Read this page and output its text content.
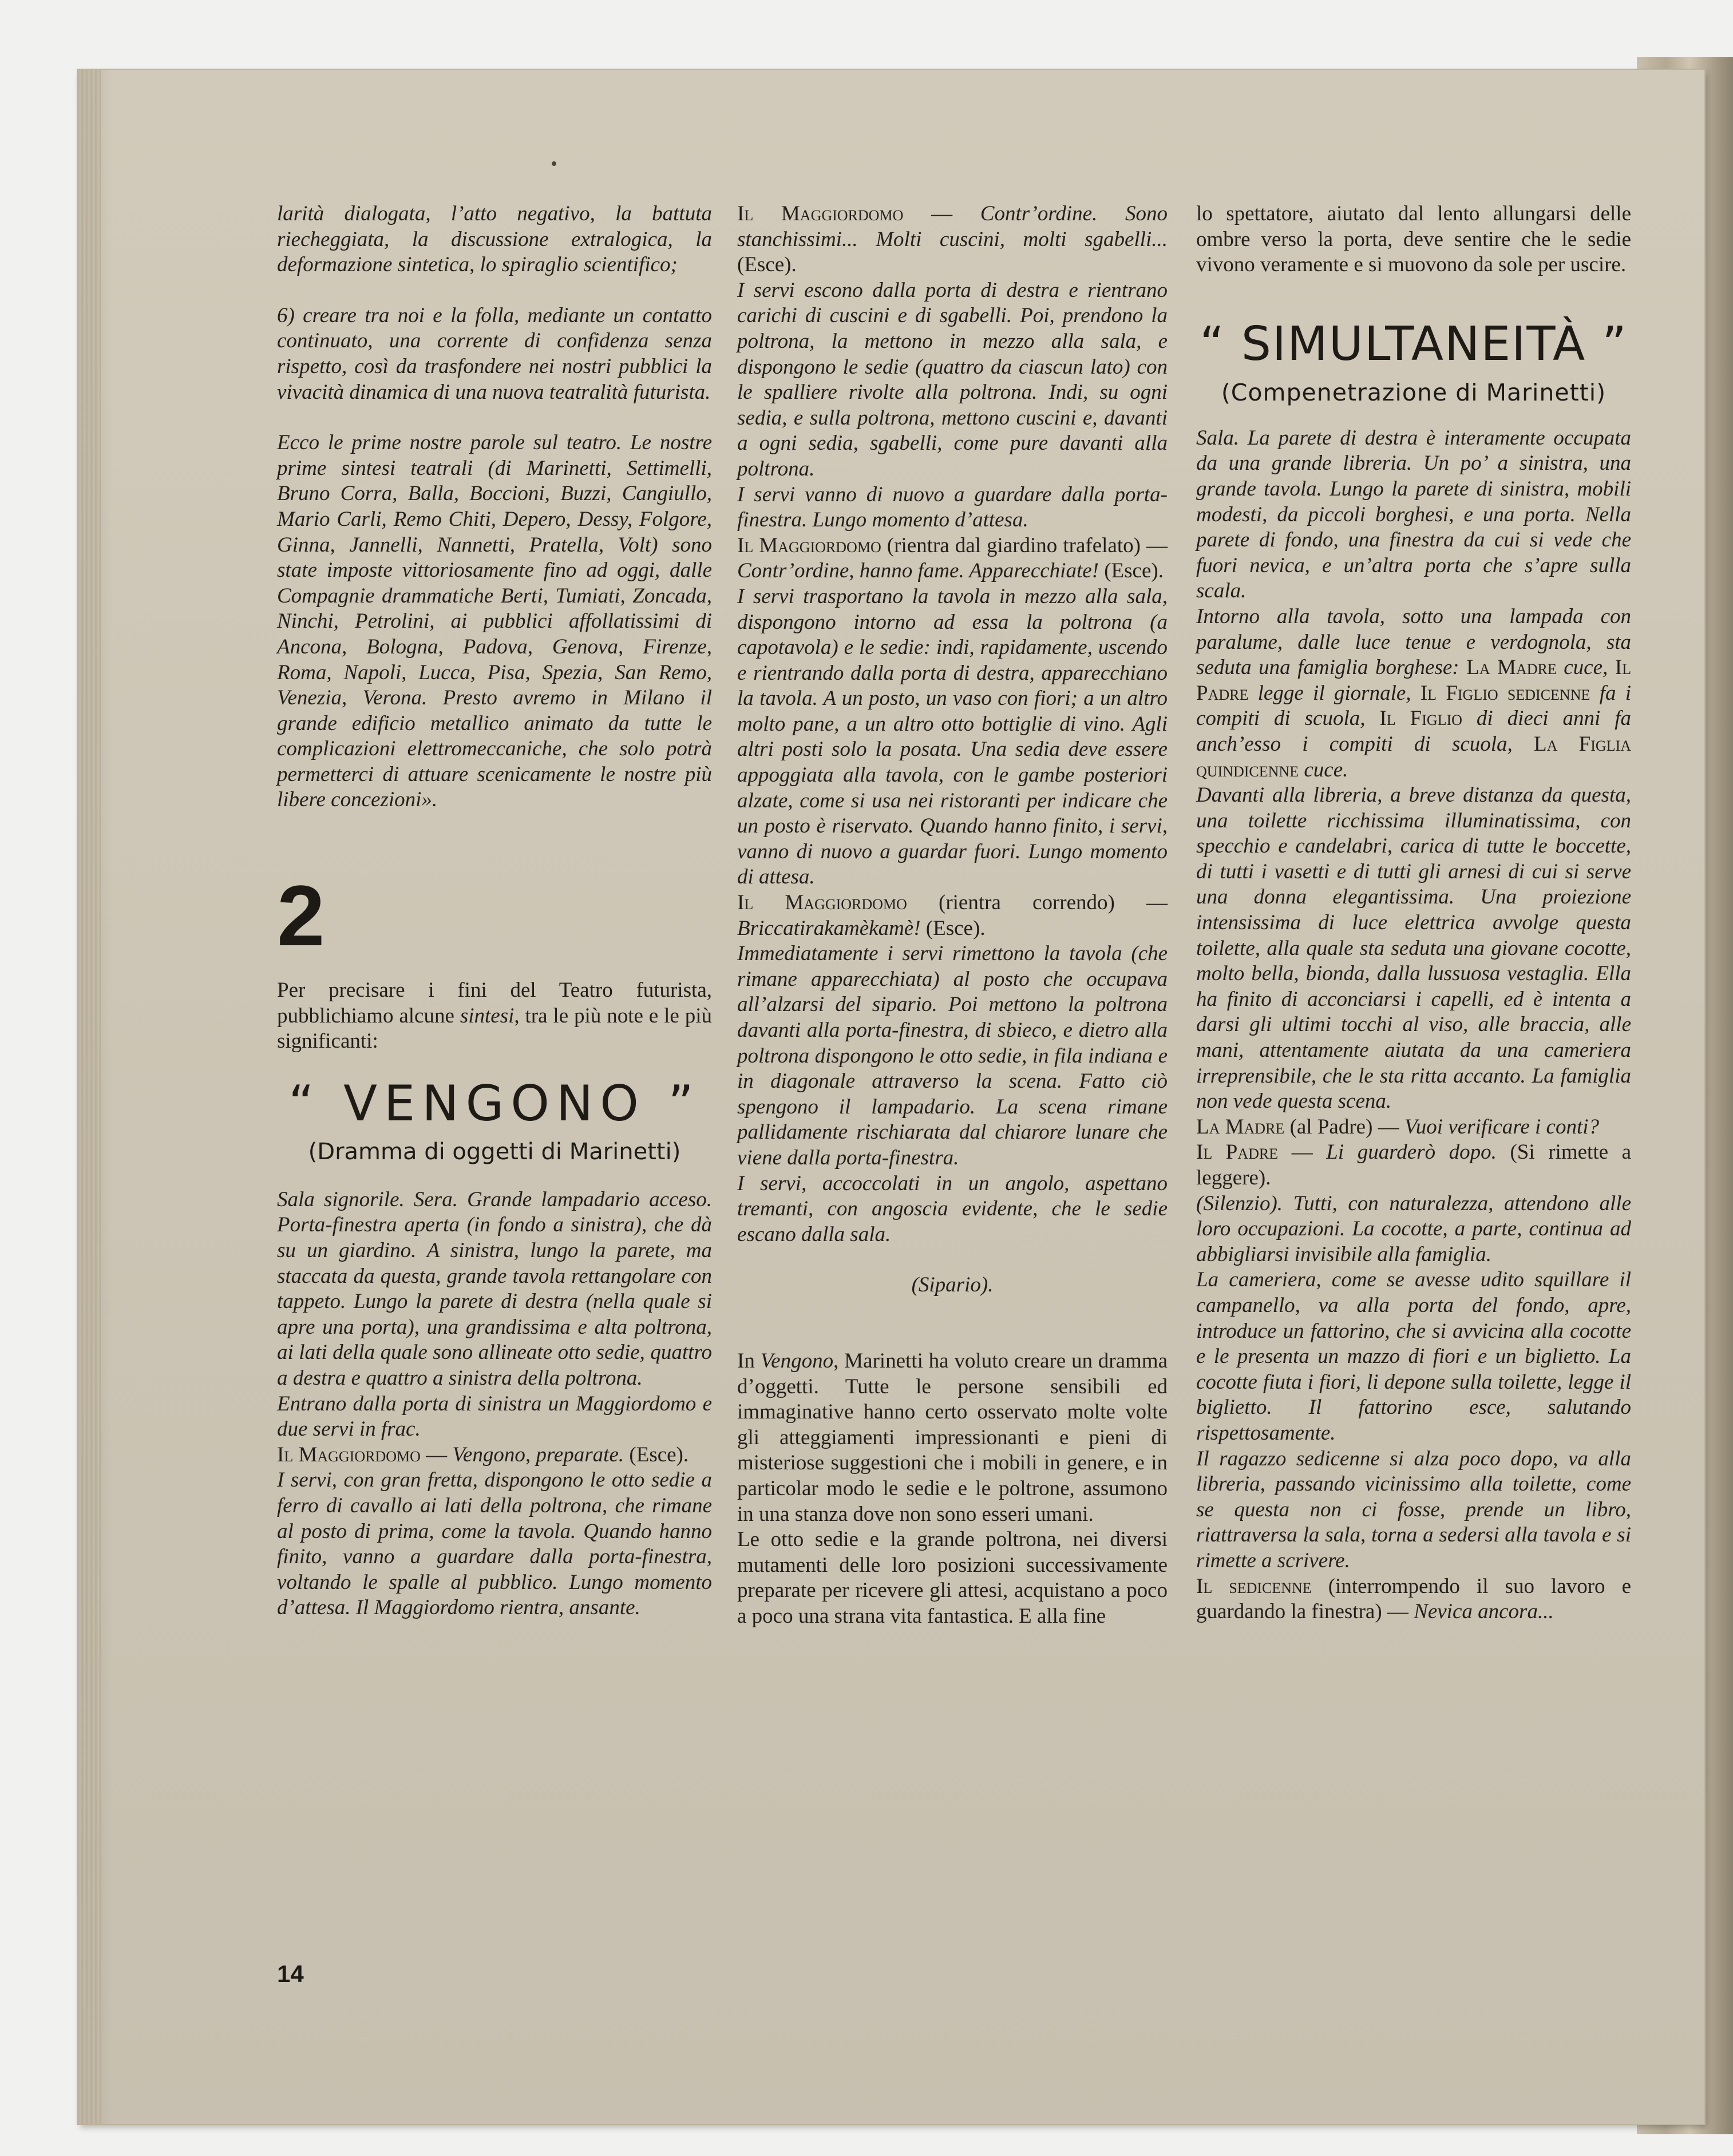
larità dialogata, l’atto negativo, la battuta riecheggiata, la discussione extralogica, la deformazione sintetica, lo spiraglio scientifico;

6) creare tra noi e la folla, mediante un contatto continuato, una corrente di confidenza senza rispetto, così da trasfondere nei nostri pubblici la vivacità dinamica di una nuova teatralità futurista.

Ecco le prime nostre parole sul teatro. Le nostre prime sintesi teatrali (di Marinetti, Settimelli, Bruno Corra, Balla, Boccioni, Buzzi, Cangiullo, Mario Carli, Remo Chiti, Depero, Dessy, Folgore, Ginna, Jannelli, Nannetti, Pratella, Volt) sono state imposte vittoriosamente fino ad oggi, dalle Compagnie drammatiche Berti, Tumiati, Zoncada, Ninchi, Petrolini, ai pubblici affollatissimi di Ancona, Bologna, Padova, Genova, Firenze, Roma, Napoli, Lucca, Pisa, Spezia, San Remo, Venezia, Verona. Presto avremo in Milano il grande edificio metallico animato da tutte le complicazioni elettromeccaniche, che solo potrà permetterci di attuare scenicamente le nostre più libere concezioni».

2

Per precisare i fini del Teatro futurista, pubblichiamo alcune sintesi, tra le più note e le più significanti:

“ VENGONO ”
(Dramma di oggetti di Marinetti)

Sala signorile. Sera. Grande lampadario acceso. Porta-finestra aperta (in fondo a sinistra), che dà su un giardino. A sinistra, lungo la parete, ma staccata da questa, grande tavola rettangolare con tappeto. Lungo la parete di destra (nella quale si apre una porta), una grandissima e alta poltrona, ai lati della quale sono allineate otto sedie, quattro a destra e quattro a sinistra della poltrona.

Entrano dalla porta di sinistra un Maggiordomo e due servi in frac.

Il Maggiordomo — Vengono, preparate. (Esce).

I servi, con gran fretta, dispongono le otto sedie a ferro di cavallo ai lati della poltrona, che rimane al posto di prima, come la tavola. Quando hanno finito, vanno a guardare dalla porta-finestra, voltando le spalle al pubblico. Lungo momento d’attesa. Il Maggiordomo rientra, ansante.

Il Maggiordomo — Contr’ordine. Sono stanchissimi... Molti cuscini, molti sgabelli... (Esce).

I servi escono dalla porta di destra e rientrano carichi di cuscini e di sgabelli. Poi, prendono la poltrona, la mettono in mezzo alla sala, e dispongono le sedie (quattro da ciascun lato) con le spalliere rivolte alla poltrona. Indi, su ogni sedia, e sulla poltrona, mettono cuscini e, davanti a ogni sedia, sgabelli, come pure davanti alla poltrona.

I servi vanno di nuovo a guardare dalla porta-finestra. Lungo momento d’attesa.

Il Maggiordomo (rientra dal giardino trafelato) — Contr’ordine, hanno fame. Apparecchiate! (Esce).

I servi trasportano la tavola in mezzo alla sala, dispongono intorno ad essa la poltrona (a capotavola) e le sedie: indi, rapidamente, uscendo e rientrando dalla porta di destra, apparecchiano la tavola. A un posto, un vaso con fiori; a un altro molto pane, a un altro otto bottiglie di vino. Agli altri posti solo la posata. Una sedia deve essere appoggiata alla tavola, con le gambe posteriori alzate, come si usa nei ristoranti per indicare che un posto è riservato. Quando hanno finito, i servi, vanno di nuovo a guardar fuori. Lungo momento di attesa.

Il Maggiordomo (rientra correndo) — Briccatirakamèkamè! (Esce).

Immediatamente i servi rimettono la tavola (che rimane apparecchiata) al posto che occupava all’alzarsi del sipario. Poi mettono la poltrona davanti alla porta-finestra, di sbieco, e dietro alla poltrona dispongono le otto sedie, in fila indiana e in diagonale attraverso la scena. Fatto ciò spengono il lampadario. La scena rimane pallidamente rischiarata dal chiarore lunare che viene dalla porta-finestra.

I servi, accoccolati in un angolo, aspettano tremanti, con angoscia evidente, che le sedie escano dalla sala.

(Sipario).

In Vengono, Marinetti ha voluto creare un dramma d’oggetti. Tutte le persone sensibili ed immaginative hanno certo osservato molte volte gli atteggiamenti impressionanti e pieni di misteriose suggestioni che i mobili in genere, e in particolar modo le sedie e le poltrone, assumono in una stanza dove non sono esseri umani.

Le otto sedie e la grande poltrona, nei diversi mutamenti delle loro posizioni successivamente preparate per ricevere gli attesi, acquistano a poco a poco una strana vita fantastica. E alla fine

lo spettatore, aiutato dal lento allungarsi delle ombre verso la porta, deve sentire che le sedie vivono veramente e si muovono da sole per uscire.

“ SIMULTANEITÀ ”
(Compenetrazione di Marinetti)

Sala. La parete di destra è interamente occupata da una grande libreria. Un po’ a sinistra, una grande tavola. Lungo la parete di sinistra, mobili modesti, da piccoli borghesi, e una porta. Nella parete di fondo, una finestra da cui si vede che fuori nevica, e un’altra porta che s’apre sulla scala.

Intorno alla tavola, sotto una lampada con paralume, dalle luce tenue e verdognola, sta seduta una famiglia borghese: La Madre cuce, Il Padre legge il giornale, Il Figlio sedicenne fa i compiti di scuola, Il Figlio di dieci anni fa anch’esso i compiti di scuola, La Figlia quindicenne cuce.

Davanti alla libreria, a breve distanza da questa, una toilette ricchissima illuminatissima, con specchio e candelabri, carica di tutte le boccette, di tutti i vasetti e di tutti gli arnesi di cui si serve una donna elegantissima. Una proiezione intensissima di luce elettrica avvolge questa toilette, alla quale sta seduta una giovane cocotte, molto bella, bionda, dalla lussuosa vestaglia. Ella ha finito di acconciarsi i capelli, ed è intenta a darsi gli ultimi tocchi al viso, alle braccia, alle mani, attentamente aiutata da una cameriera irreprensibile, che le sta ritta accanto. La famiglia non vede questa scena.

La Madre (al Padre) — Vuoi verificare i conti?

Il Padre — Li guarderò dopo. (Si rimette a leggere).

(Silenzio). Tutti, con naturalezza, attendono alle loro occupazioni. La cocotte, a parte, continua ad abbigliarsi invisibile alla famiglia.

La cameriera, come se avesse udito squillare il campanello, va alla porta del fondo, apre, introduce un fattorino, che si avvicina alla cocotte e le presenta un mazzo di fiori e un biglietto. La cocotte fiuta i fiori, li depone sulla toilette, legge il biglietto. Il fattorino esce, salutando rispettosamente.

Il ragazzo sedicenne si alza poco dopo, va alla libreria, passando vicinissimo alla toilette, come se questa non ci fosse, prende un libro, riattraversa la sala, torna a sedersi alla tavola e si rimette a scrivere.

Il sedicenne (interrompendo il suo lavoro e guardando la finestra) — Nevica ancora...

14
